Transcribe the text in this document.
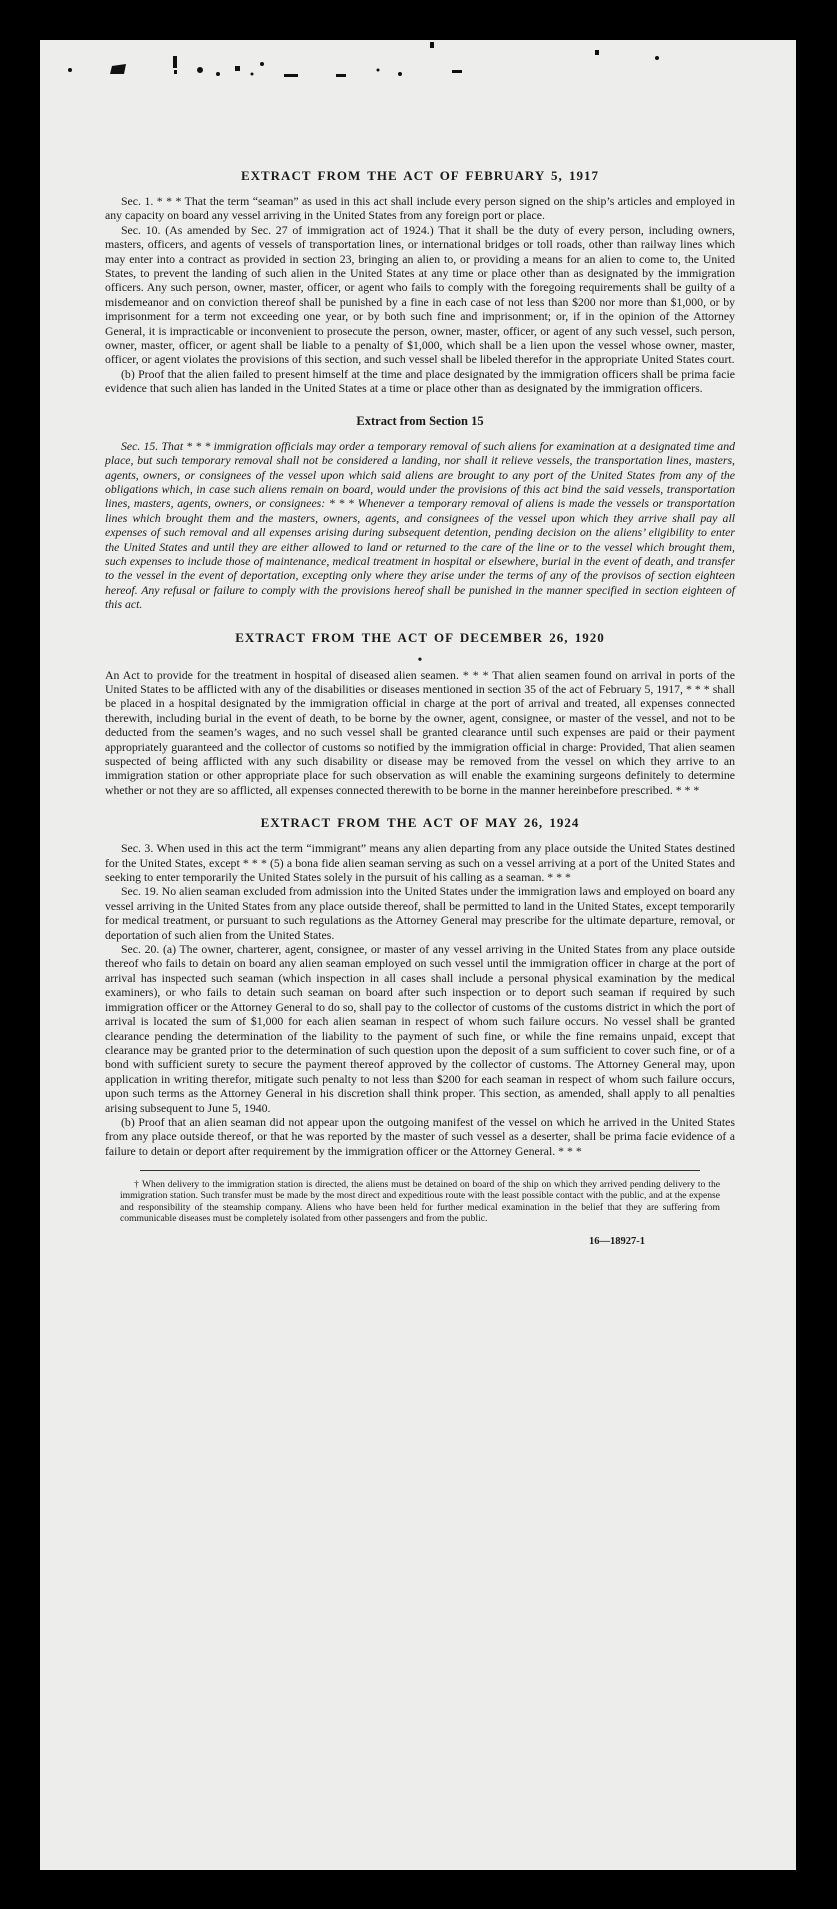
EXTRACT FROM THE ACT OF FEBRUARY 5, 1917

Sec. 1. * * * That the term “seaman” as used in this act shall include every person signed on the ship’s articles and employed in any capacity on board any vessel arriving in the United States from any foreign port or place.

Sec. 10. (As amended by Sec. 27 of immigration act of 1924.) That it shall be the duty of every person, including owners, masters, officers, and agents of vessels of transportation lines, or international bridges or toll roads, other than railway lines which may enter into a contract as provided in section 23, bringing an alien to, or providing a means for an alien to come to, the United States, to prevent the landing of such alien in the United States at any time or place other than as designated by the immigration officers. Any such person, owner, master, officer, or agent who fails to comply with the foregoing requirements shall be guilty of a misdemeanor and on conviction thereof shall be punished by a fine in each case of not less than $200 nor more than $1,000, or by imprisonment for a term not exceeding one year, or by both such fine and imprisonment; or, if in the opinion of the Attorney General, it is impracticable or inconvenient to prosecute the person, owner, master, officer, or agent of any such vessel, such person, owner, master, officer, or agent shall be liable to a penalty of $1,000, which shall be a lien upon the vessel whose owner, master, officer, or agent violates the provisions of this section, and such vessel shall be libeled therefor in the appropriate United States court.

(b) Proof that the alien failed to present himself at the time and place designated by the immigration officers shall be prima facie evidence that such alien has landed in the United States at a time or place other than as designated by the immigration officers.

Extract from Section 15

Sec. 15. That * * * immigration officials may order a temporary removal of such aliens for examination at a designated time and place, but such temporary removal shall not be considered a landing, nor shall it relieve vessels, the transportation lines, masters, agents, owners, or consignees of the vessel upon which said aliens are brought to any port of the United States from any of the obligations which, in case such aliens remain on board, would under the provisions of this act bind the said vessels, transportation lines, masters, agents, owners, or consignees: * * * Whenever a temporary removal of aliens is made the vessels or transportation lines which brought them and the masters, owners, agents, and consignees of the vessel upon which they arrive shall pay all expenses of such removal and all expenses arising during subsequent detention, pending decision on the aliens’ eligibility to enter the United States and until they are either allowed to land or returned to the care of the line or to the vessel which brought them, such expenses to include those of maintenance, medical treatment in hospital or elsewhere, burial in the event of death, and transfer to the vessel in the event of deportation, excepting only where they arise under the terms of any of the provisos of section eighteen hereof. Any refusal or failure to comply with the provisions hereof shall be punished in the manner specified in section eighteen of this act.

EXTRACT FROM THE ACT OF DECEMBER 26, 1920
•

An Act to provide for the treatment in hospital of diseased alien seamen. * * * That alien seamen found on arrival in ports of the United States to be afflicted with any of the disabilities or diseases mentioned in section 35 of the act of February 5, 1917, * * * shall be placed in a hospital designated by the immigration official in charge at the port of arrival and treated, all expenses connected therewith, including burial in the event of death, to be borne by the owner, agent, consignee, or master of the vessel, and not to be deducted from the seamen’s wages, and no such vessel shall be granted clearance until such expenses are paid or their payment appropriately guaranteed and the collector of customs so notified by the immigration official in charge: Provided, That alien seamen suspected of being afflicted with any such disability or disease may be removed from the vessel on which they arrive to an immigration station or other appropriate place for such observation as will enable the examining surgeons definitely to determine whether or not they are so afflicted, all expenses connected therewith to be borne in the manner hereinbefore prescribed. * * *

EXTRACT FROM THE ACT OF MAY 26, 1924

Sec. 3. When used in this act the term “immigrant” means any alien departing from any place outside the United States destined for the United States, except * * * (5) a bona fide alien seaman serving as such on a vessel arriving at a port of the United States and seeking to enter temporarily the United States solely in the pursuit of his calling as a seaman. * * *

Sec. 19. No alien seaman excluded from admission into the United States under the immigration laws and employed on board any vessel arriving in the United States from any place outside thereof, shall be permitted to land in the United States, except temporarily for medical treatment, or pursuant to such regulations as the Attorney General may prescribe for the ultimate departure, removal, or deportation of such alien from the United States.

Sec. 20. (a) The owner, charterer, agent, consignee, or master of any vessel arriving in the United States from any place outside thereof who fails to detain on board any alien seaman employed on such vessel until the immigration officer in charge at the port of arrival has inspected such seaman (which inspection in all cases shall include a personal physical examination by the medical examiners), or who fails to detain such seaman on board after such inspection or to deport such seaman if required by such immigration officer or the Attorney General to do so, shall pay to the collector of customs of the customs district in which the port of arrival is located the sum of $1,000 for each alien seaman in respect of whom such failure occurs. No vessel shall be granted clearance pending the determination of the liability to the payment of such fine, or while the fine remains unpaid, except that clearance may be granted prior to the determination of such question upon the deposit of a sum sufficient to cover such fine, or of a bond with sufficient surety to secure the payment thereof approved by the collector of customs. The Attorney General may, upon application in writing therefor, mitigate such penalty to not less than $200 for each seaman in respect of whom such failure occurs, upon such terms as the Attorney General in his discretion shall think proper. This section, as amended, shall apply to all penalties arising subsequent to June 5, 1940.

(b) Proof that an alien seaman did not appear upon the outgoing manifest of the vessel on which he arrived in the United States from any place outside thereof, or that he was reported by the master of such vessel as a deserter, shall be prima facie evidence of a failure to detain or deport after requirement by the immigration officer or the Attorney General. * * *

† When delivery to the immigration station is directed, the aliens must be detained on board of the ship on which they arrived pending delivery to the immigration station. Such transfer must be made by the most direct and expeditious route with the least possible contact with the public, and at the expense and responsibility of the steamship company. Aliens who have been held for further medical examination in the belief that they are suffering from communicable diseases must be completely isolated from other passengers and from the public.

16—18927-1
